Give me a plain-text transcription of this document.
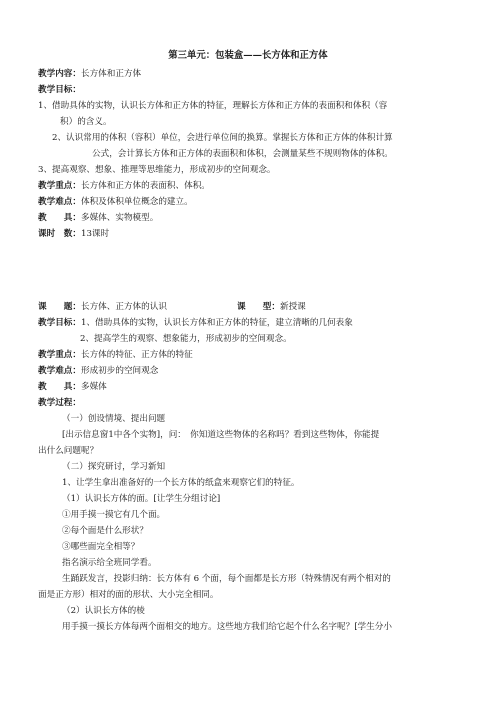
第三单元：包装盒——长方体和正方体
教学内容：长方体和正方体
教学目标：
1、借助具体的实物，认识长方体和正方体的特征，理解长方体和正方体的表面积和体积（容
积）的含义。
2、认识常用的体积（容积）单位，会进行单位间的换算。掌握长方体和正方体的体积计算
公式，会计算长方体和正方体的表面积和体积，会测量某些不规则物体的体积。
3、提高观察、想象、推理等思维能力，形成初步的空间观念。
教学重点：长方体和正方体的表面积、体积。
教学难点：体积及体积单位概念的建立。
教　　具：多媒体、实物模型。
课时　数：13课时
课　　题：长方体、正方体的认识	课　　型：新授课
教学目标：1、借助具体的实物，认识长方体和正方体的特征，建立清晰的几何表象
2、提高学生的观察、想象能力，形成初步的空间观念。
教学重点：长方体的特征、正方体的特征
教学难点：形成初步的空间观念
教　　具：多媒体
教学过程：
（一）创设情境、提出问题
[出示信息窗1中各个实物]，问：　你知道这些物体的名称吗？看到这些物体，你能提
出什么问题呢？
（二）探究研讨，学习新知
1、让学生拿出准备好的一个长方体的纸盒来观察它们的特征。
（1）认识长方体的面。[让学生分组讨论]
①用手摸一摸它有几个面。
②每个面是什么形状？
③哪些面完全相等？
指名演示给全班同学看。
生踊跃发言，投影归纳：长方体有 6 个面，每个面都是长方形（特殊情况有两个相对的
面是正方形）相对的面的形状、大小完全相同。
（2）认识长方体的棱
用手摸一摸长方体每两个面相交的地方。这些地方我们给它起个什么名字呢？[学生分小
